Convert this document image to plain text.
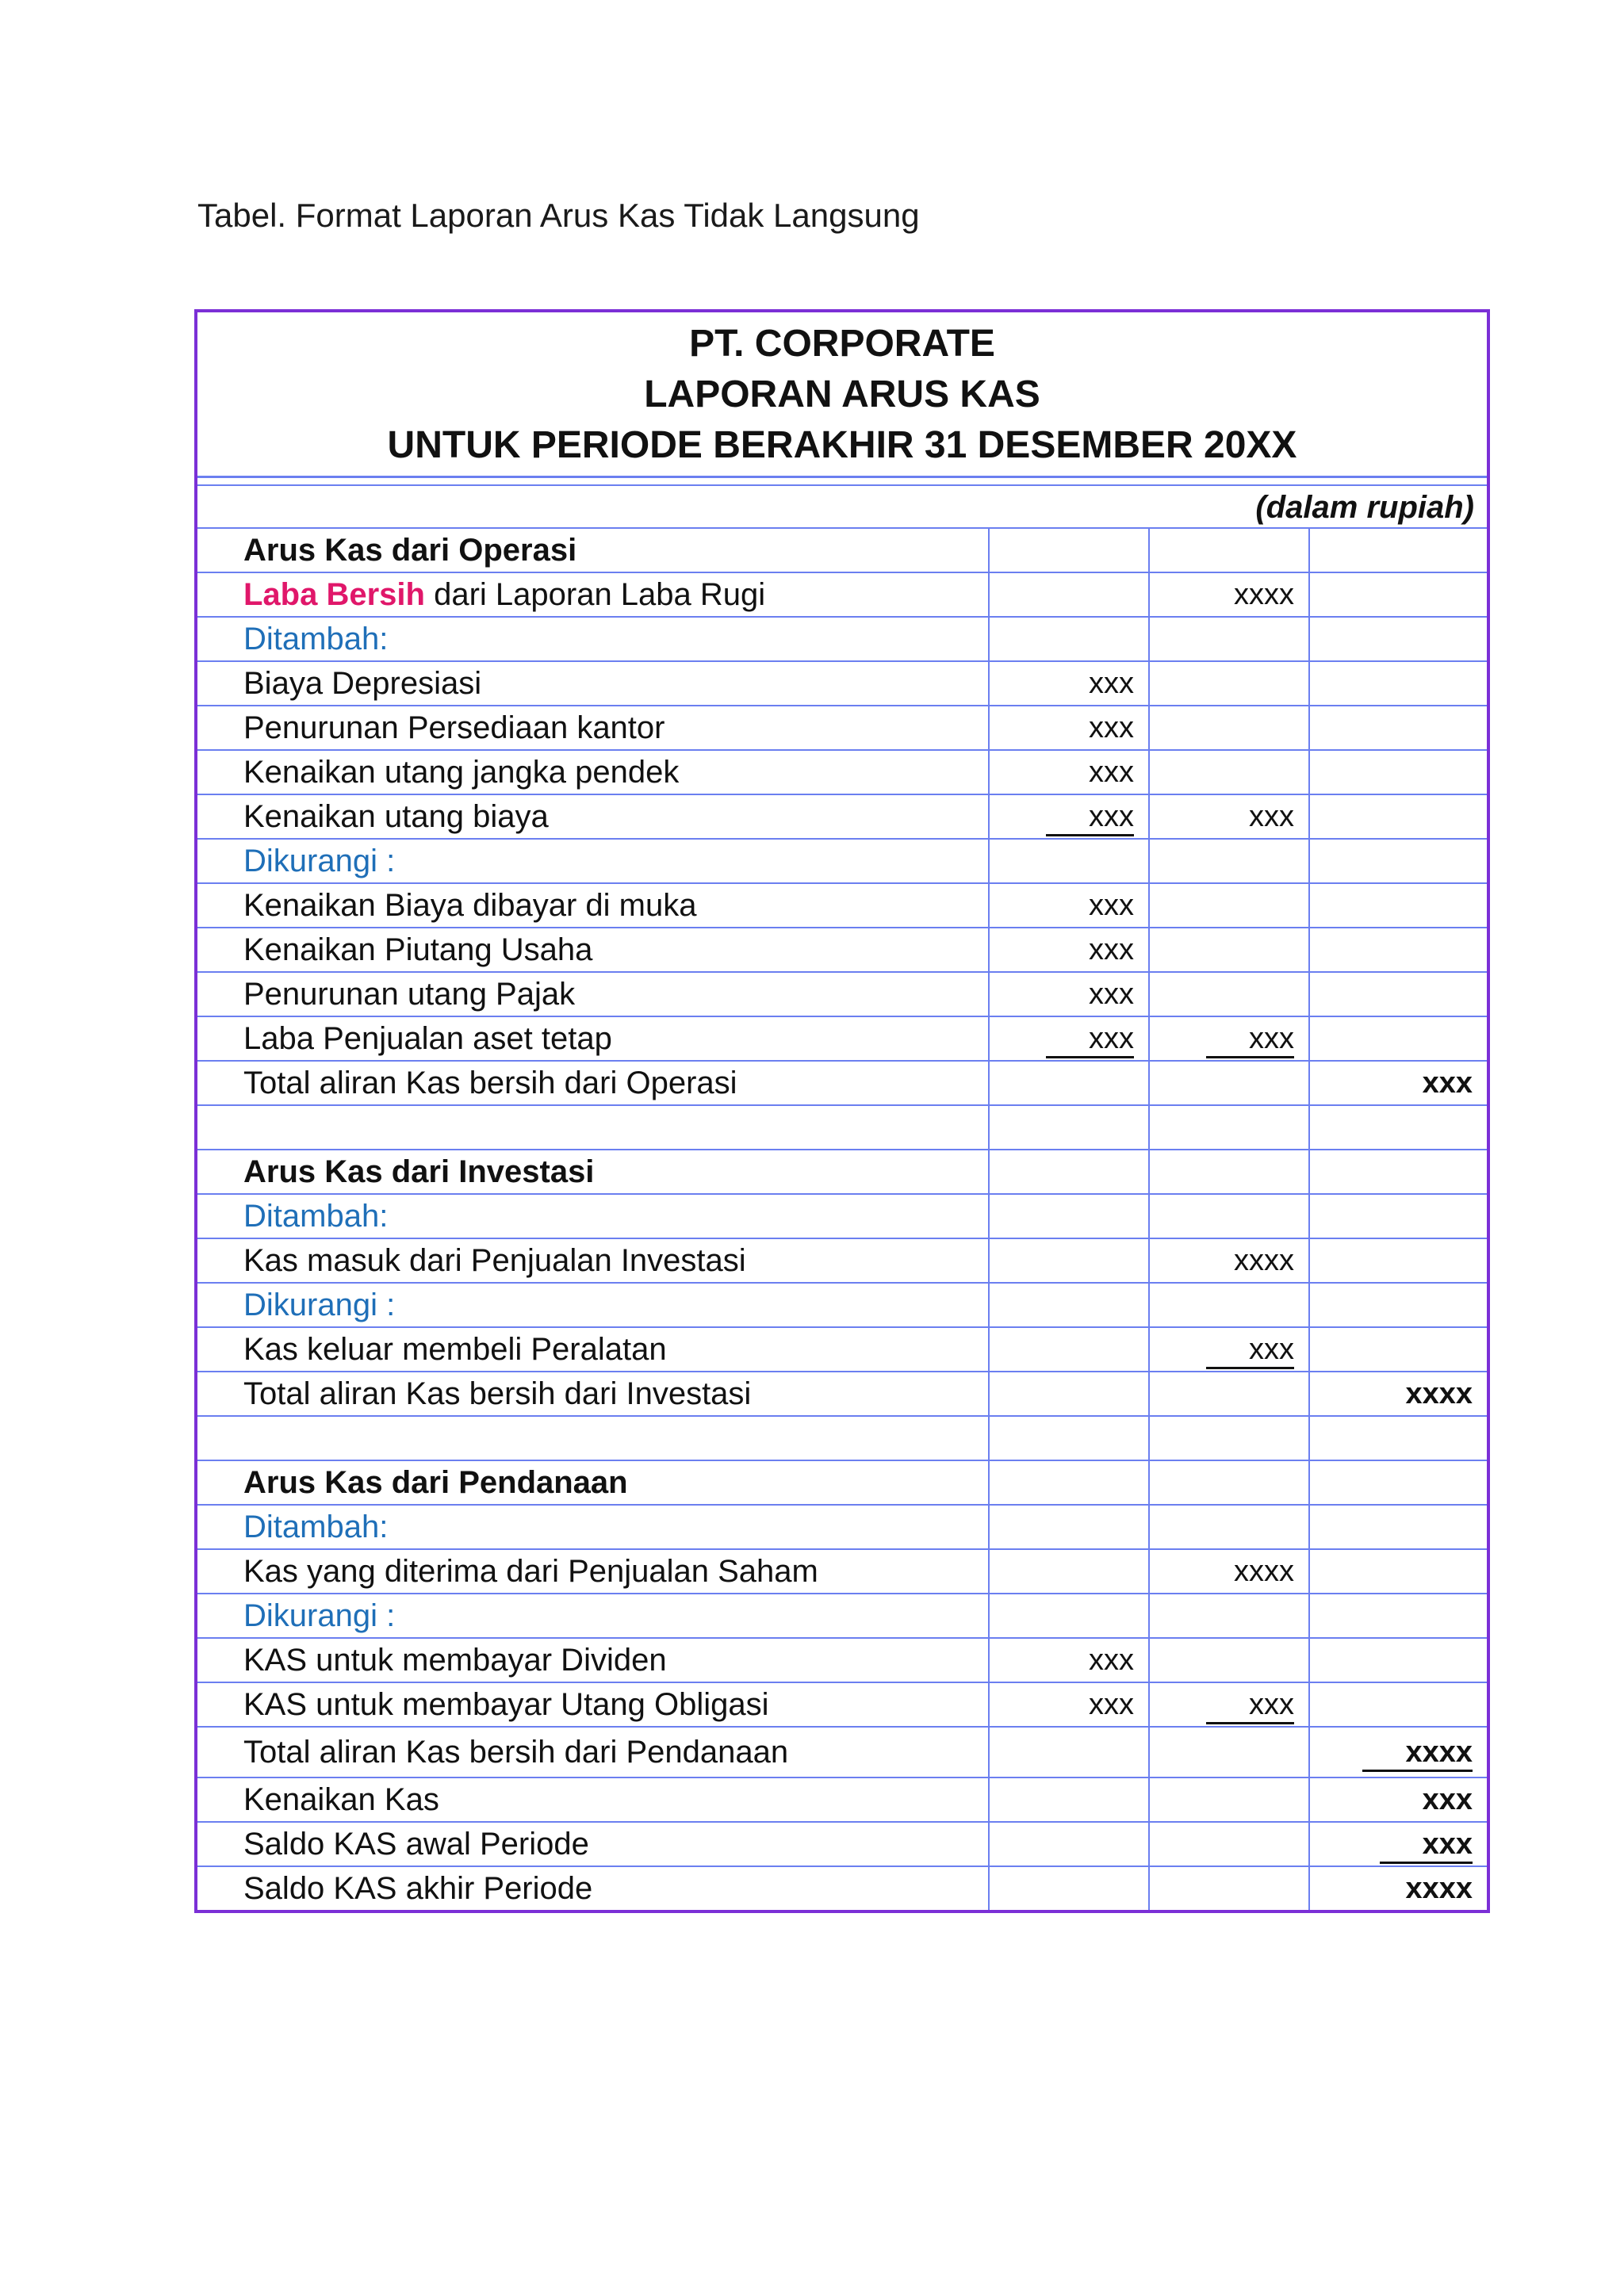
Tabel. Format Laporan Arus Kas Tidak Langsung
PT. CORPORATE
LAPORAN ARUS KAS
UNTUK PERIODE BERAKHIR 31 DESEMBER 20XX
(dalam rupiah)
Arus Kas dari Operasi			
Laba Bersih dari Laporan Laba Rugi		xxxx	
Ditambah:			
Biaya Depresiasi	xxx		
Penurunan Persediaan kantor	xxx		
Kenaikan utang jangka pendek	xxx		
Kenaikan utang biaya	xxx	xxx	
Dikurangi :			
Kenaikan Biaya dibayar di muka	xxx		
Kenaikan Piutang Usaha	xxx		
Penurunan utang Pajak	xxx		
Laba Penjualan aset tetap	xxx	xxx	
Total aliran Kas bersih dari Operasi			xxx

Arus Kas dari Investasi			
Ditambah:			
Kas masuk dari Penjualan Investasi		xxxx	
Dikurangi :			
Kas keluar membeli Peralatan		xxx	
Total aliran Kas bersih dari Investasi			xxxx

Arus Kas dari Pendanaan			
Ditambah:			
Kas yang diterima dari Penjualan Saham		xxxx	
Dikurangi :			
KAS untuk membayar Dividen	xxx		
KAS untuk membayar Utang Obligasi	xxx	xxx	
Total aliran Kas bersih dari Pendanaan			xxxx
Kenaikan Kas			xxx
Saldo KAS awal Periode			xxx
Saldo KAS akhir Periode			xxxx
